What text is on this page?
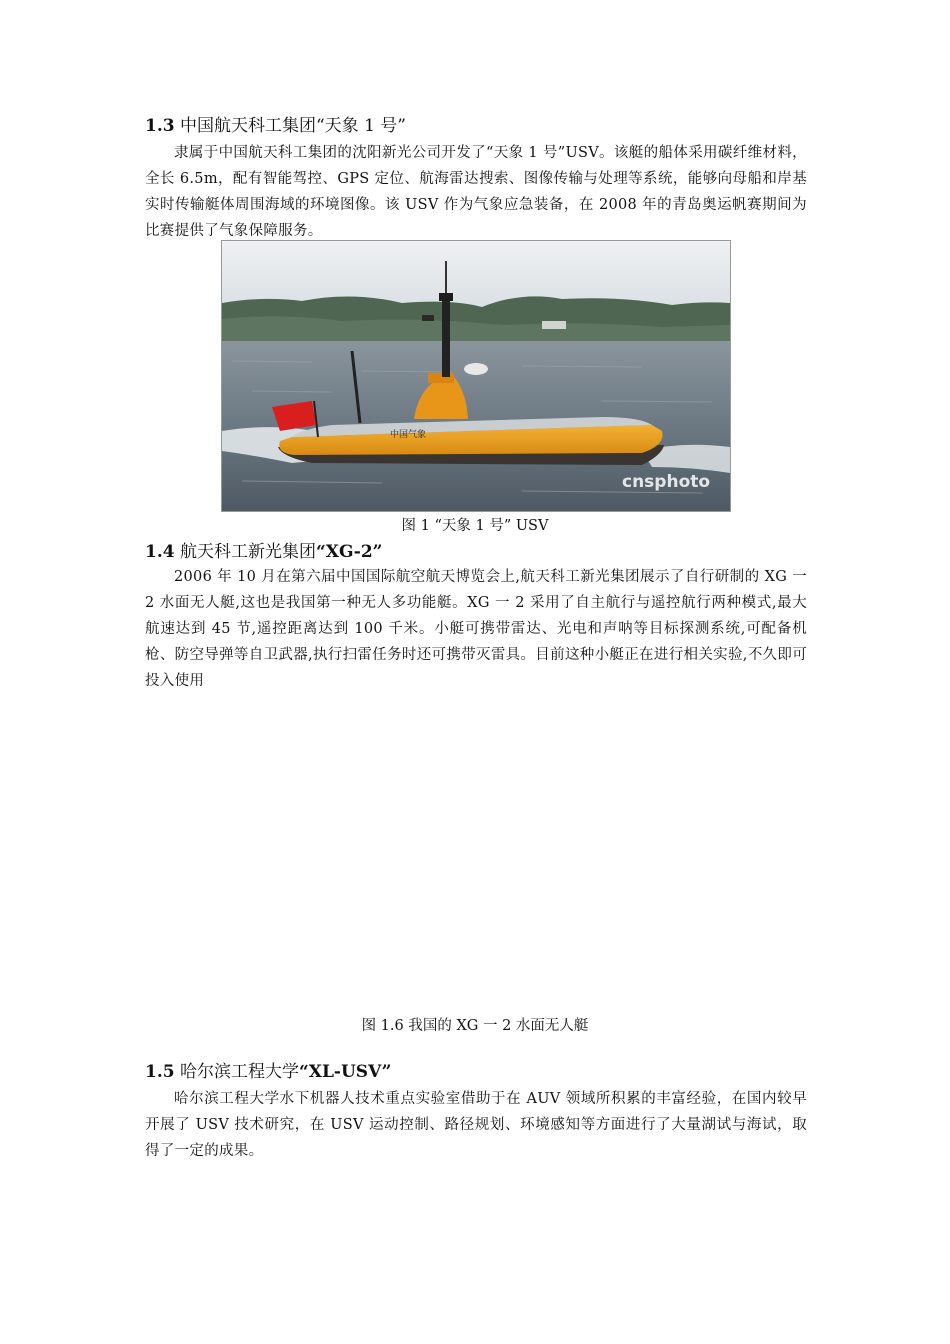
1.3 中国航天科工集团“天象 1 号”

隶属于中国航天科工集团的沈阳新光公司开发了“天象 1 号”USV。该艇的船体采用碳纤维材料，全长 6.5m，配有智能驾控、GPS 定位、航海雷达搜索、图像传输与处理等系统，能够向母船和岸基实时传输艇体周围海域的环境图像。该 USV 作为气象应急装备，在 2008 年的青岛奥运帆赛期间为比赛提供了气象保障服务。

中国气象
cnsphoto
图 1 “天象 1 号” USV
1.4 航天科工新光集团“XG-2”

2006 年 10 月在第六届中国国际航空航天博览会上,航天科工新光集团展示了自行研制的 XG 一 2 水面无人艇,这也是我国第一种无人多功能艇。XG 一 2 采用了自主航行与遥控航行两种模式,最大航速达到 45 节,遥控距离达到 100 千米。小艇可携带雷达、光电和声呐等目标探测系统,可配备机枪、防空导弹等自卫武器,执行扫雷任务时还可携带灭雷具。目前这种小艇正在进行相关实验,不久即可投入使用

图 1.6 我国的 XG 一 2 水面无人艇
1.5 哈尔滨工程大学“XL-USV”

哈尔滨工程大学水下机器人技术重点实验室借助于在 AUV 领域所积累的丰富经验，在国内较早开展了 USV 技术研究，在 USV 运动控制、路径规划、环境感知等方面进行了大量湖试与海试，取得了一定的成果。
